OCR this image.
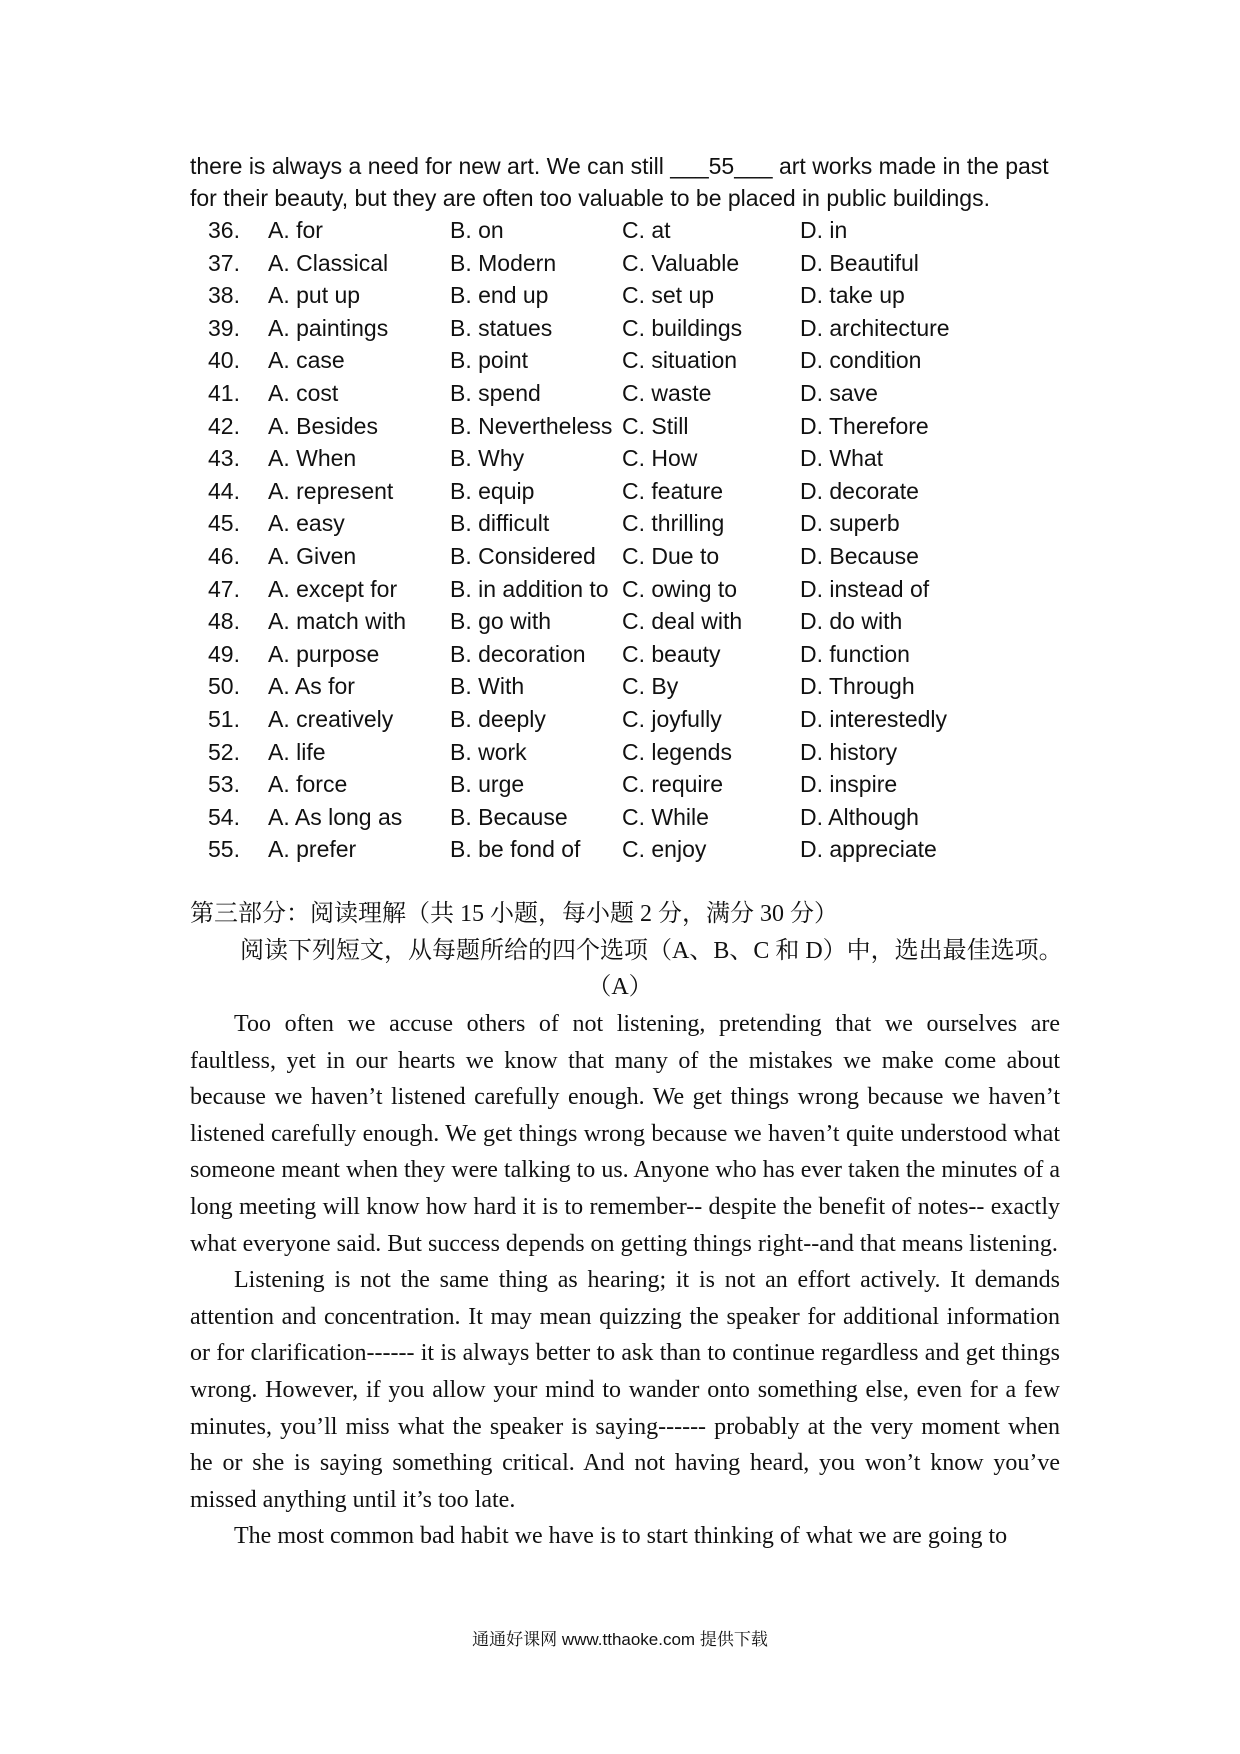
there is always a need for new art. We can still ___55___ art works made in the past

for their beauty, but they are often too valuable to be placed in public buildings.

36.	A. for	B. on	C. at	D. in
37.	A. Classical	B. Modern	C. Valuable	D. Beautiful
38.	A. put up	B. end up	C. set up	D. take up
39.	A. paintings	B. statues	C. buildings	D. architecture
40.	A. case	B. point	C. situation	D. condition
41.	A. cost	B. spend	C. waste	D. save
42.	A. Besides	B. Nevertheless C. Still	D. Therefore
43.	A. When	B. Why	C. How	D. What
44.	A. represent B. equip	C. feature	D. decorate
45.	A. easy	B. difficult	C. thrilling	D. superb
46.	A. Given	B. Considered C. Due to	D. Because
47.	A. except for B. in addition to C. owing to	D. instead of
48.	A. match with B. go with	C. deal with	D. do with
49.	A. purpose	B. decoration C. beauty	D. function
50.	A. As for	B. With	C. By	D. Through
51.	A. creatively B. deeply	C. joyfully	D. interestedly
52.	A. life	B. work	C. legends	D. history
53.	A. force	B. urge	C. require	D. inspire
54.	A. As long as B. Because C. While	D. Although
55.	A. prefer	B. be fond of C. enjoy	D. appreciate
第三部分：阅读理解（共 15 小题，每小题 2 分，满分 30 分）
阅读下列短文，从每题所给的四个选项（A、B、C 和 D）中，选出最佳选项。
（A）

Too often we accuse others of not listening, pretending that we ourselves are faultless, yet in our hearts we know that many of the mistakes we make come about because we haven’t listened carefully enough. We get things wrong because we haven’t listened carefully enough. We get things wrong because we haven’t quite understood what someone meant when they were talking to us. Anyone who has ever taken the minutes of a long meeting will know how hard it is to remember-- despite the benefit of notes-- exactly what everyone said. But success depends on getting things right--and that means listening.

Listening is not the same thing as hearing; it is not an effort actively. It demands attention and concentration. It may mean quizzing the speaker for additional information or for clarification------ it is always better to ask than to continue regardless and get things wrong. However, if you allow your mind to wander onto something else, even for a few minutes, you’ll miss what the speaker is saying------ probably at the very moment when he or she is saying something critical. And not having heard, you won’t know you’ve missed anything until it’s too late.

The most common bad habit we have is to start thinking of what we are going to

通通好课网 www.tthaoke.com 提供下载
